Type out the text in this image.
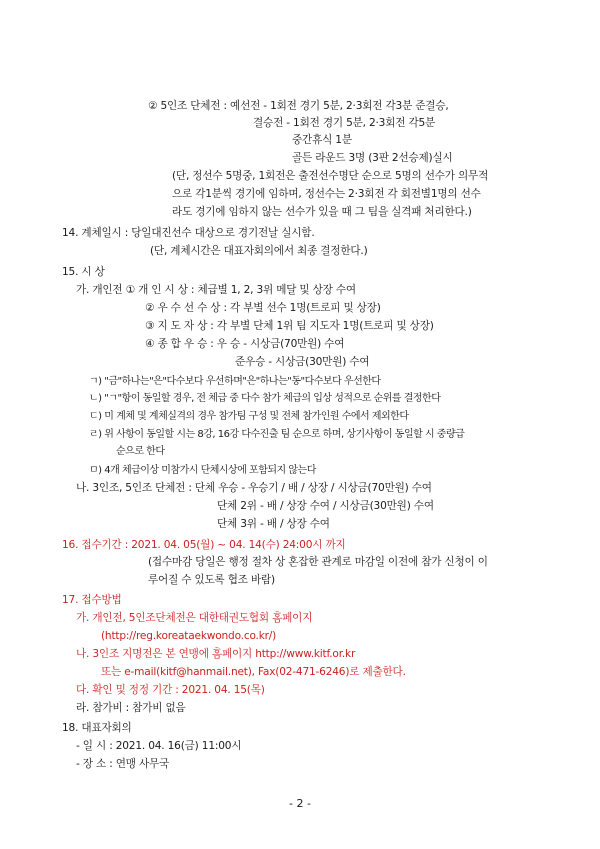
② 5인조 단체전 : 예선전 - 1회전 경기 5분, 2·3회전 각3분 준결승,
결승전 - 1회전 경기 5분, 2·3회전 각5분
중간휴식 1분
골든 라운드 3명 (3판 2선승제)실시
(단, 정선수 5명중, 1회전은 출전선수명단 순으로 5명의 선수가 의무적
으로 각1분씩 경기에 임하며, 정선수는 2·3회전 각 회전별1명의 선수
라도 경기에 임하지 않는 선수가 있을 때 그 팀을 실격패 처리한다.)
14. 계체일시 : 당일대진선수 대상으로 경기전날 실시함.
(단, 계체시간은 대표자회의에서 최종 결정한다.)
15. 시 상
가. 개인전 ① 개 인 시 상 : 체급별 1, 2, 3위 메달 및 상장 수여
② 우 수 선 수 상 : 각 부별 선수 1명(트로피 및 상장)
③ 지 도 자 상 : 각 부별 단체 1위 팀 지도자 1명(트로피 및 상장)
④ 종 합 우 승 : 우 승 - 시상금(70만원) 수여
준우승 - 시상금(30만원) 수여
ㄱ) "금"하나는"은"다수보다 우선하며"은"하나는"동"다수보다 우선한다
ㄴ) "ㄱ"항이 동일할 경우, 전 체급 중 다수 참가 체급의 입상 성적으로 순위를 결정한다
ㄷ) 미 계체 및 계체실격의 경우 참가팀 구성 및 전체 참가인원 수에서 제외한다
ㄹ) 위 사항이 동일할 시는 8강, 16강 다수진출 팀 순으로 하며, 상기사항이 동일할 시 중량급
순으로 한다
ㅁ) 4개 체급이상 미참가시 단체시상에 포함되지 않는다
나. 3인조, 5인조 단체전 : 단체 우승 - 우승기 / 배 / 상장 / 시상금(70만원) 수여
단체 2위 - 배 / 상장 수여 / 시상금(30만원) 수여
단체 3위 - 배 / 상장 수여
16. 접수기간 : 2021. 04. 05(월) ~ 04. 14(수) 24:00시 까지
(접수마감 당일은 행정 절차 상 혼잡한 관계로 마감일 이전에 참가 신청이 이
루어질 수 있도록 협조 바람)
17. 접수방법
가. 개인전, 5인조단체전은 대한태권도협회 홈페이지
(http://reg.koreataekwondo.co.kr/)
나. 3인조 지명전은 본 연맹에 홈페이지 http://www.kitf.or.kr
또는 e-mail(kitf@hanmail.net), Fax(02-471-6246)로 제출한다.
다. 확인 및 정정 기간 : 2021. 04. 15(목)
라. 참가비 : 참가비 없음
18. 대표자회의
- 일 시 : 2021. 04. 16(금) 11:00시
- 장 소 : 연맹 사무국
- 2 -
